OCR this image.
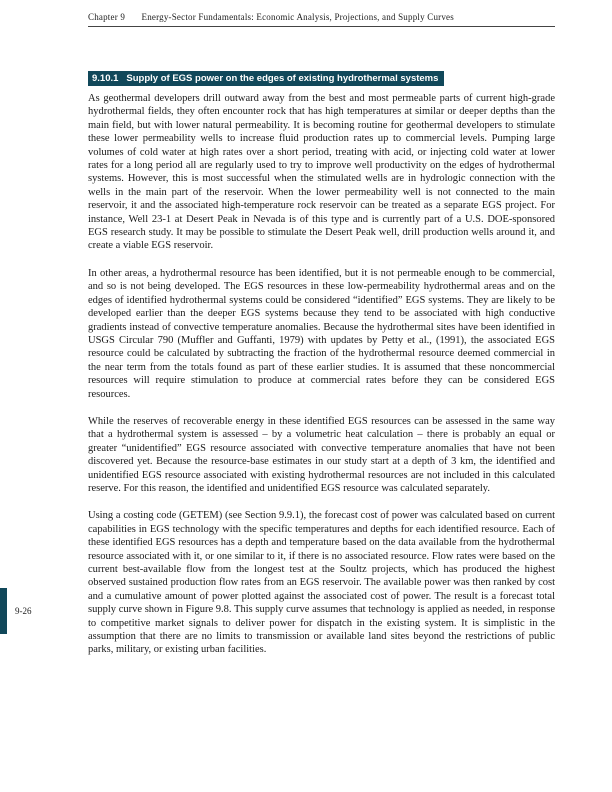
Chapter 9 Energy-Sector Fundamentals: Economic Analysis, Projections, and Supply Curves
9.10.1 Supply of EGS power on the edges of existing hydrothermal systems

As geothermal developers drill outward away from the best and most permeable parts of current high-grade hydrothermal fields, they often encounter rock that has high temperatures at similar or deeper depths than the main field, but with lower natural permeability. It is becoming routine for geothermal developers to stimulate these lower permeability wells to increase fluid production rates up to commercial levels. Pumping large volumes of cold water at high rates over a short period, treating with acid, or injecting cold water at lower rates for a long period all are regularly used to try to improve well productivity on the edges of hydrothermal systems. However, this is most successful when the stimulated wells are in hydrologic connection with the wells in the main part of the reservoir. When the lower permeability well is not connected to the main reservoir, it and the associated high-temperature rock reservoir can be treated as a separate EGS project. For instance, Well 23-1 at Desert Peak in Nevada is of this type and is currently part of a U.S. DOE-sponsored EGS research study. It may be possible to stimulate the Desert Peak well, drill production wells around it, and create a viable EGS reservoir.

In other areas, a hydrothermal resource has been identified, but it is not permeable enough to be commercial, and so is not being developed. The EGS resources in these low-permeability hydrothermal areas and on the edges of identified hydrothermal systems could be considered “identified” EGS systems. They are likely to be developed earlier than the deeper EGS systems because they tend to be associated with high conductive gradients instead of convective temperature anomalies. Because the hydrothermal sites have been identified in USGS Circular 790 (Muffler and Guffanti, 1979) with updates by Petty et al., (1991), the associated EGS resource could be calculated by subtracting the fraction of the hydrothermal resource deemed commercial in the near term from the totals found as part of these earlier studies. It is assumed that these noncommercial resources will require stimulation to produce at commercial rates before they can be considered EGS resources.

While the reserves of recoverable energy in these identified EGS resources can be assessed in the same way that a hydrothermal system is assessed – by a volumetric heat calculation – there is probably an equal or greater “unidentified” EGS resource associated with convective temperature anomalies that have not been discovered yet. Because the resource-base estimates in our study start at a depth of 3 km, the identified and unidentified EGS resource associated with existing hydrothermal resources are not included in this calculated reserve. For this reason, the identified and unidentified EGS resource was calculated separately.

Using a costing code (GETEM) (see Section 9.9.1), the forecast cost of power was calculated based on current capabilities in EGS technology with the specific temperatures and depths for each identified resource. Each of these identified EGS resources has a depth and temperature based on the data available from the hydrothermal resource associated with it, or one similar to it, if there is no associated resource. Flow rates were based on the current best-available flow from the longest test at the Soultz projects, which has produced the highest observed sustained production flow rates from an EGS reservoir. The available power was then ranked by cost and a cumulative amount of power plotted against the associated cost of power. The result is a forecast total supply curve shown in Figure 9.8. This supply curve assumes that technology is applied as needed, in response to competitive market signals to deliver power for dispatch in the existing system. It is simplistic in the assumption that there are no limits to transmission or available land sites beyond the restrictions of public parks, military, or existing urban facilities.

9-26
